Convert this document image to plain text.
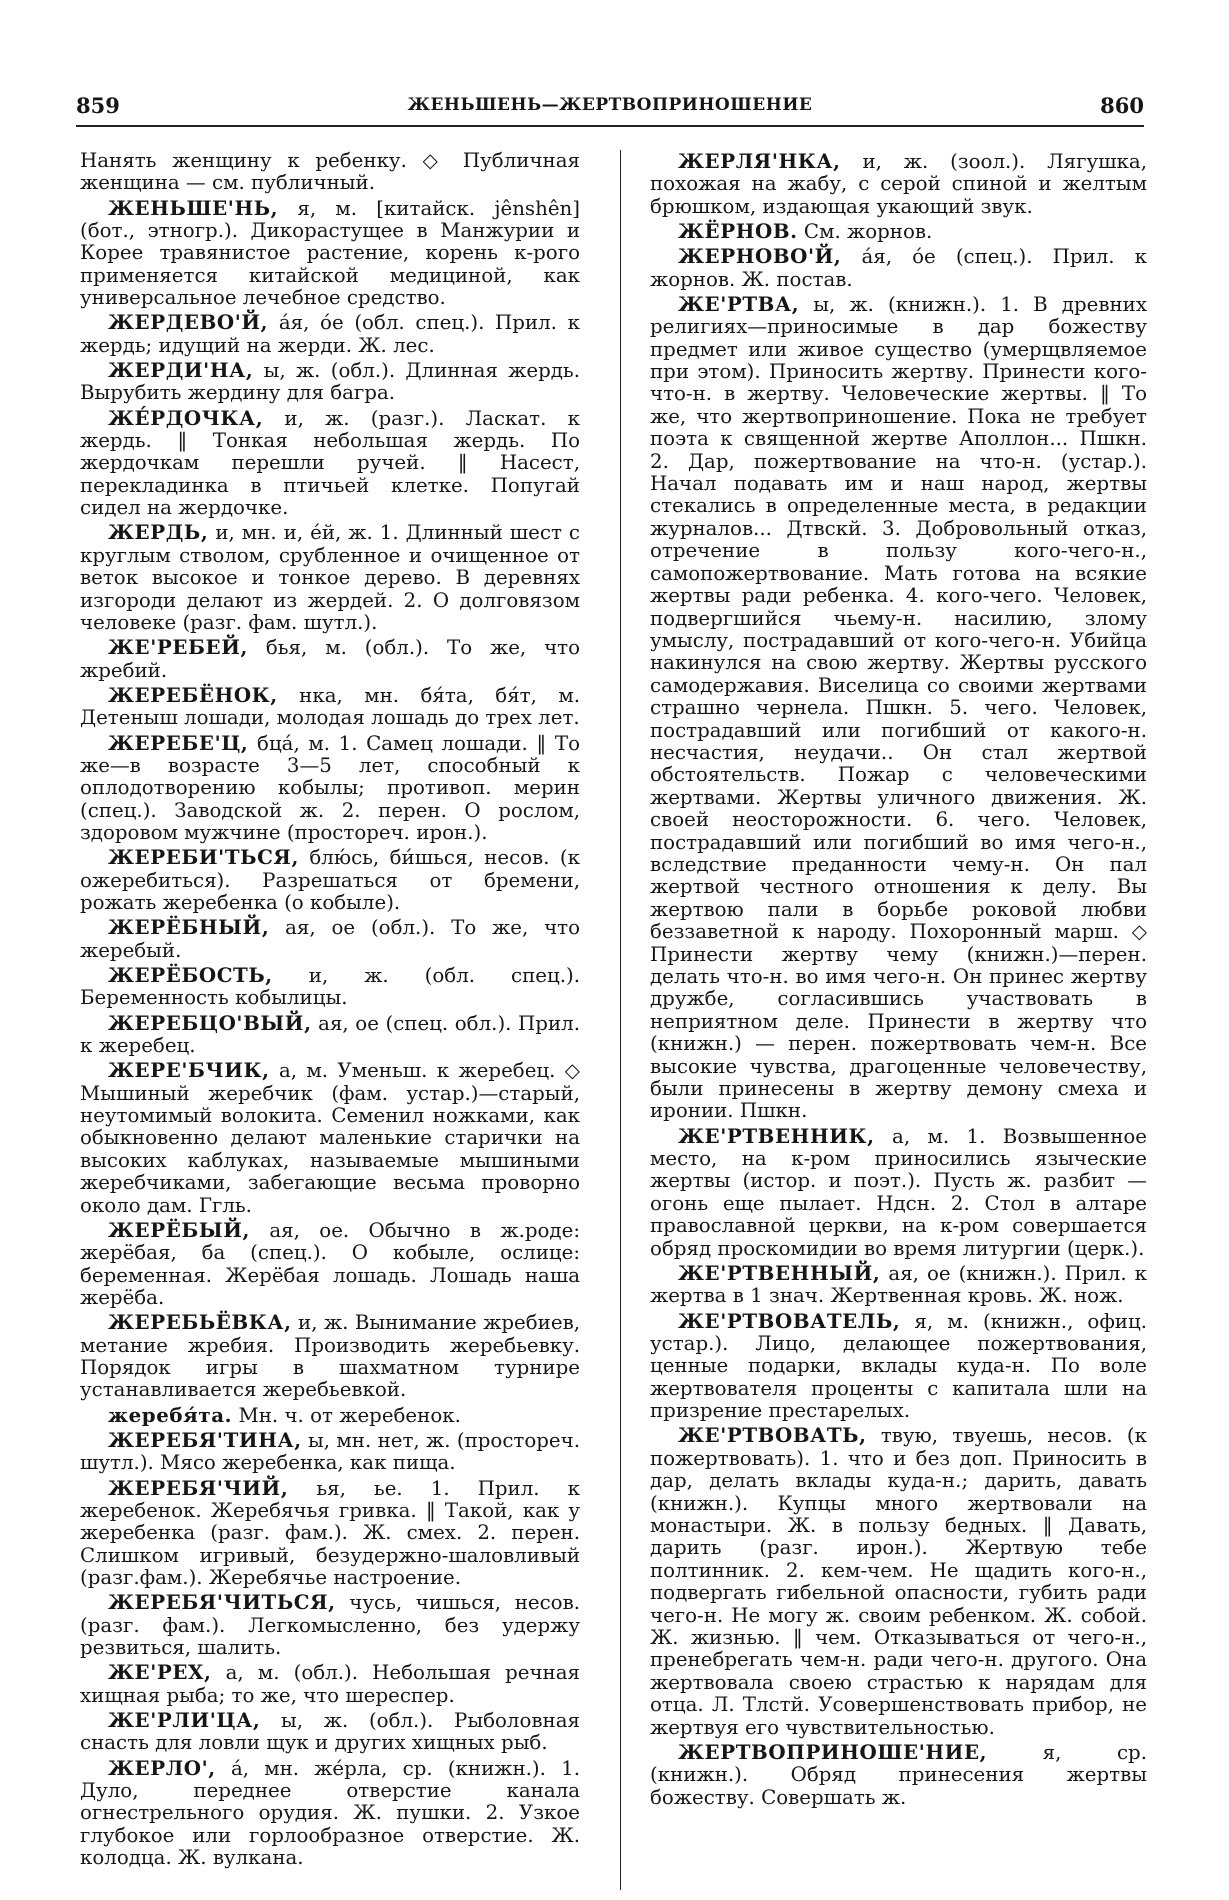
859	ЖЕНЬШЕНЬ—ЖЕРТВОПРИНОШЕНИЕ	860

Нанять женщину к ребенку. ◇ Публичная женщина — см. публичный.

ЖЕНЬШЕ'НЬ, я, м. [китайск. jênshên] (бот., этногр.). Дикорастущее в Манжурии и Корее травянистое растение, корень к-рого применяется китайской медициной, как универсальное лечебное средство.

ЖЕРДЕВО'Й, а́я, о́е (обл. спец.). Прил. к жердь; идущий на жерди. Ж. лес.

ЖЕРДИ'НА, ы, ж. (обл.). Длинная жердь. Вырубить жердину для багра.

ЖЕ́РДОЧКА, и, ж. (разг.). Ласкат. к жердь. ‖ Тонкая небольшая жердь. По жердочкам перешли ручей. ‖ Насест, перекладинка в птичьей клетке. Попугай сидел на жердочке.

ЖЕРДЬ, и, мн. и, е́й, ж. 1. Длинный шест с круглым стволом, срубленное и очищенное от веток высокое и тонкое дерево. В деревнях изгороди делают из жердей. 2. О долговязом человеке (разг. фам. шутл.).

ЖЕ'РЕБЕЙ, бья, м. (обл.). То же, что жребий.

ЖЕРЕБЁНОК, нка, мн. бя́та, бя́т, м. Детеныш лошади, молодая лошадь до трех лет.

ЖЕРЕБЕ'Ц, бца́, м. 1. Самец лошади. ‖ То же—в возрасте 3—5 лет, способный к оплодотворению кобылы; противоп. мерин (спец.). Заводской ж. 2. перен. О рослом, здоровом мужчине (простореч. ирон.).

ЖЕРЕБИ'ТЬСЯ, блю́сь, би́шься, несов. (к ожеребиться). Разрешаться от бремени, рожать жеребенка (о кобыле).

ЖЕРЁБНЫЙ, ая, ое (обл.). То же, что жеребый.

ЖЕРЁБОСТЬ, и, ж. (обл. спец.). Беременность кобылицы.

ЖЕРЕБЦО'ВЫЙ, ая, ое (спец. обл.). Прил. к жеребец.

ЖЕРЕ'БЧИК, а, м. Уменьш. к жеребец. ◇ Мышиный жеребчик (фам. устар.)—старый, неутомимый волокита. Семенил ножками, как обыкновенно делают маленькие старички на высоких каблуках, называемые мышиными жеребчиками, забегающие весьма проворно около дам. Ггль.

ЖЕРЁБЫЙ, ая, ое. Обычно в ж.роде: жерёбая, ба (спец.). О кобыле, ослице: беременная. Жерёбая лошадь. Лошадь наша жерёба.

ЖЕРЕБЬЁВКА, и, ж. Вынимание жребиев, метание жребия. Производить жеребьевку. Порядок игры в шахматном турнире устанавливается жеребьевкой.

жеребя́та. Мн. ч. от жеребенок.

ЖЕРЕБЯ'ТИНА, ы, мн. нет, ж. (простореч. шутл.). Мясо жеребенка, как пища.

ЖЕРЕБЯ'ЧИЙ, ья, ье. 1. Прил. к жеребенок. Жеребячья гривка. ‖ Такой, как у жеребенка (разг. фам.). Ж. смех. 2. перен. Слишком игривый, безудержно-шаловливый (разг.фам.). Жеребячье настроение.

ЖЕРЕБЯ'ЧИТЬСЯ, чусь, чишься, несов. (разг. фам.). Легкомысленно, без удержу резвиться, шалить.

ЖЕ'РЕХ, а, м. (обл.). Небольшая речная хищная рыба; то же, что шереспер.

ЖЕ'РЛИ'ЦА, ы, ж. (обл.). Рыболовная снасть для ловли щук и других хищных рыб.

ЖЕРЛО', а́, мн. же́рла, ср. (книжн.). 1. Дуло, переднее отверстие канала огнестрельного орудия. Ж. пушки. 2. Узкое глубокое или горлообразное отверстие. Ж. колодца. Ж. вулкана.

ЖЕРЛЯ'НКА, и, ж. (зоол.). Лягушка, похожая на жабу, с серой спиной и желтым брюшком, издающая укающий звук.

ЖЁРНОВ. См. жорнов.

ЖЕРНОВО'Й, а́я, о́е (спец.). Прил. к жорнов. Ж. постав.

ЖЕ'РТВА, ы, ж. (книжн.). 1. В древних религиях—приносимые в дар божеству предмет или живое существо (умерщвляемое при этом). Приносить жертву. Принести кого-что-н. в жертву. Человеческие жертвы. ‖ То же, что жертвоприношение. Пока не требует поэта к священной жертве Аполлон... Пшкн. 2. Дар, пожертвование на что-н. (устар.). Начал подавать им и наш народ, жертвы стекались в определенные места, в редакции журналов... Дтвскй. 3. Добровольный отказ, отречение в пользу кого-чего-н., самопожертвование. Мать готова на всякие жертвы ради ребенка. 4. кого-чего. Человек, подвергшийся чьему-н. насилию, злому умыслу, пострадавший от кого-чего-н. Убийца накинулся на свою жертву. Жертвы русского самодержавия. Виселица со своими жертвами страшно чернела. Пшкн. 5. чего. Человек, пострадавший или погибший от какого-н. несчастия, неудачи.. Он стал жертвой обстоятельств. Пожар с человеческими жертвами. Жертвы уличного движения. Ж. своей неосторожности. 6. чего. Человек, пострадавший или погибший во имя чего-н., вследствие преданности чему-н. Он пал жертвой честного отношения к делу. Вы жертвою пали в борьбе роковой любви беззаветной к народу. Похоронный марш. ◇ Принести жертву чему (книжн.)—перен. делать что-н. во имя чего-н. Он принес жертву дружбе, согласившись участвовать в неприятном деле. Принести в жертву что (книжн.) — перен. пожертвовать чем-н. Все высокие чувства, драгоценные человечеству, были принесены в жертву демону смеха и иронии. Пшкн.

ЖЕ'РТВЕННИК, а, м. 1. Возвышенное место, на к-ром приносились языческие жертвы (истор. и поэт.). Пусть ж. разбит — огонь еще пылает. Ндсн. 2. Стол в алтаре православной церкви, на к-ром совершается обряд проскомидии во время литургии (церк.).

ЖЕ'РТВЕННЫЙ, ая, ое (книжн.). Прил. к жертва в 1 знач. Жертвенная кровь. Ж. нож.

ЖЕ'РТВОВАТЕЛЬ, я, м. (книжн., офиц. устар.). Лицо, делающее пожертвования, ценные подарки, вклады куда-н. По воле жертвователя проценты с капитала шли на призрение престарелых.

ЖЕ'РТВОВАТЬ, твую, твуешь, несов. (к пожертвовать). 1. что и без доп. Приносить в дар, делать вклады куда-н.; дарить, давать (книжн.). Купцы много жертвовали на монастыри. Ж. в пользу бедных. ‖ Давать, дарить (разг. ирон.). Жертвую тебе полтинник. 2. кем-чем. Не щадить кого-н., подвергать гибельной опасности, губить ради чего-н. Не могу ж. своим ребенком. Ж. собой. Ж. жизнью. ‖ чем. Отказываться от чего-н., пренебрегать чем-н. ради чего-н. другого. Она жертвовала своею страстью к нарядам для отца. Л. Тлстй. Усовершенствовать прибор, не жертвуя его чувствительностью.

ЖЕРТВОПРИНОШЕ'НИЕ, я, ср. (книжн.). Обряд принесения жертвы божеству. Совершать ж.
